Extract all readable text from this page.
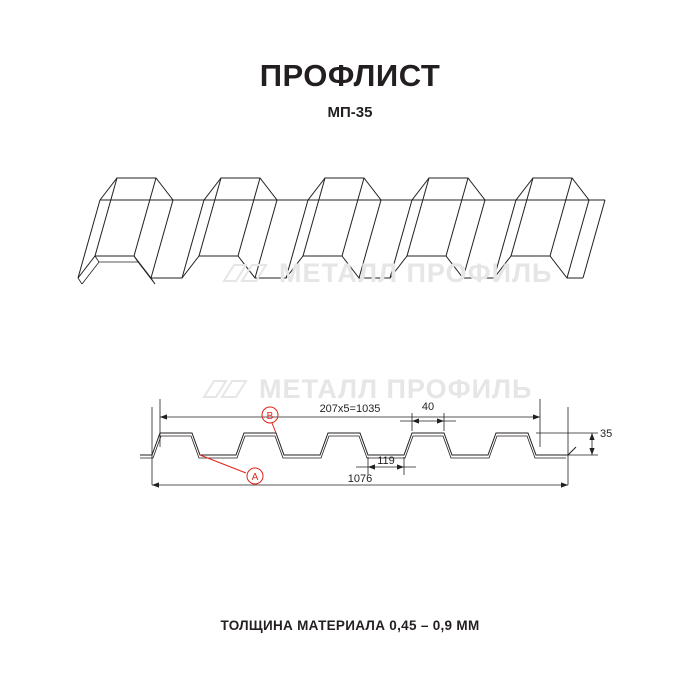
ПРОФЛИСТ
МП-35
207x5=1035	40
119
35
1076
A
B
МЕТАЛЛ ПРОФИЛЬ
МЕТАЛЛ ПРОФИЛЬ
ТОЛЩИНА МАТЕРИАЛА 0,45 – 0,9 ММ
